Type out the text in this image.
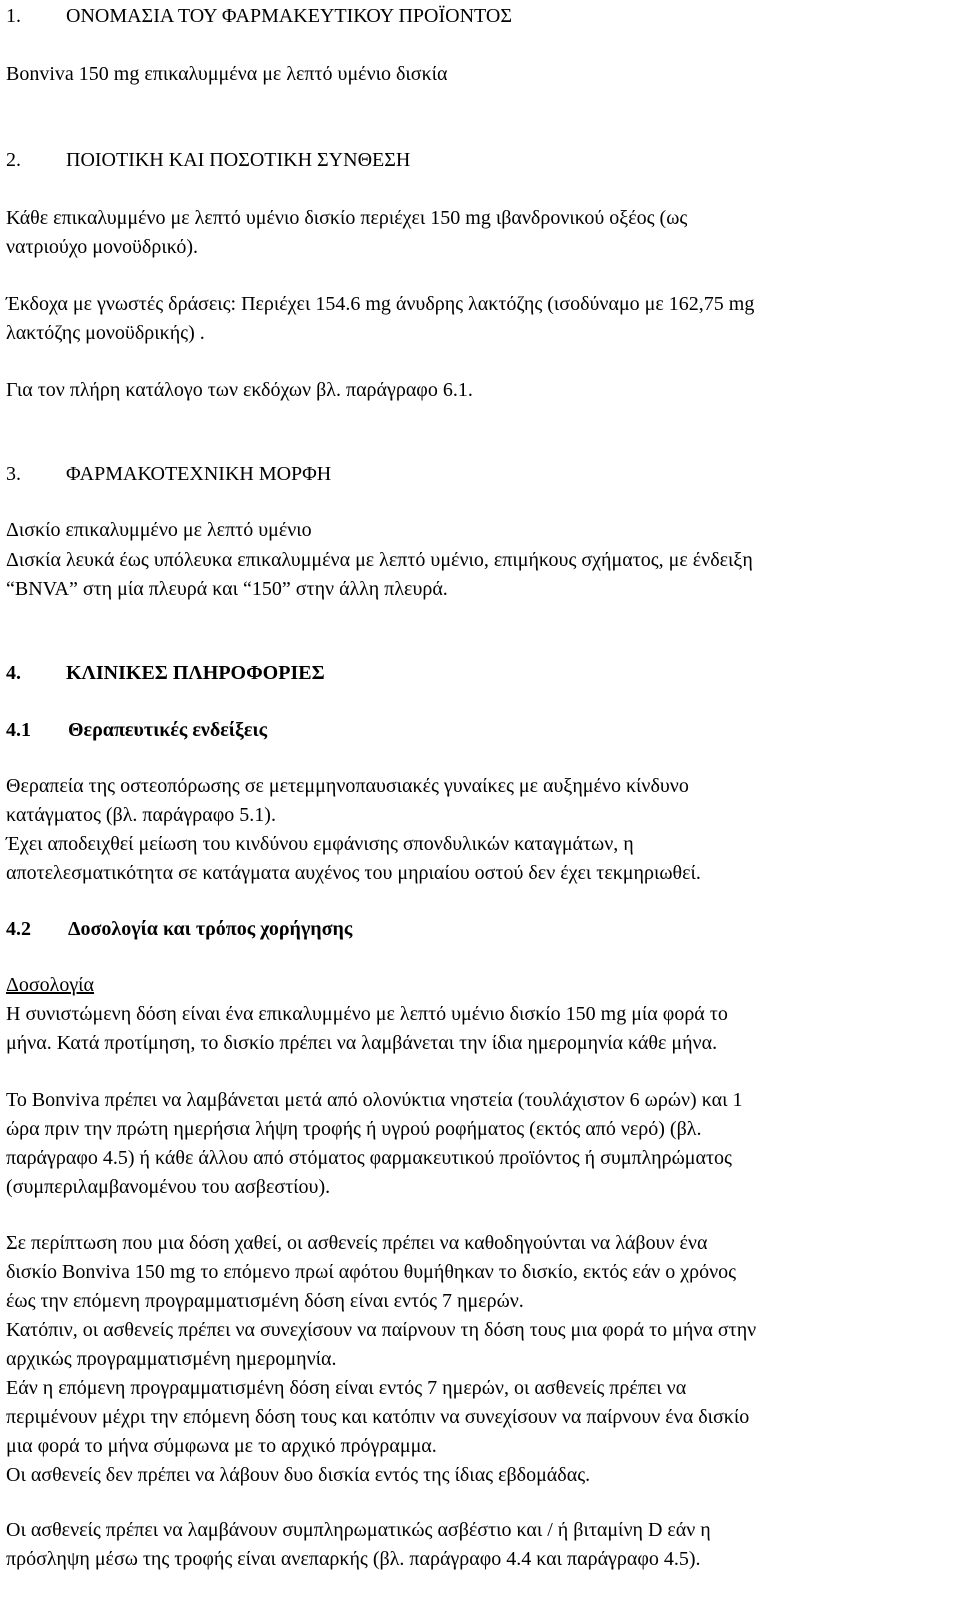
1. ΟΝΟΜΑΣΙΑ ΤΟΥ ΦΑΡΜΑΚΕΥΤΙΚΟΥ ΠΡΟΪΟΝΤΟΣ
Bonviva 150 mg επικαλυμμένα με λεπτό υμένιο δισκία
2. ΠΟΙΟΤΙΚΗ ΚΑΙ ΠΟΣΟΤΙΚΗ ΣΥΝΘΕΣΗ
Κάθε επικαλυμμένο με λεπτό υμένιο δισκίο περιέχει 150 mg ιβανδρονικού οξέος (ως
νατριούχο μονοϋδρικό).
Έκδοχα με γνωστές δράσεις: Περιέχει 154.6 mg άνυδρης λακτόζης (ισοδύναμο με 162,75 mg
λακτόζης μονοϋδρικής) .
Για τον πλήρη κατάλογο των εκδόχων βλ. παράγραφο 6.1.
3. ΦΑΡΜΑΚΟΤΕΧΝΙΚΗ ΜΟΡΦΗ
Δισκίο επικαλυμμένο με λεπτό υμένιο
Δισκία λευκά έως υπόλευκα επικαλυμμένα με λεπτό υμένιο, επιμήκους σχήματος, με ένδειξη
“BNVA” στη μία πλευρά και “150” στην άλλη πλευρά.
4. ΚΛΙΝΙΚΕΣ ΠΛΗΡΟΦΟΡΙΕΣ
4.1 Θεραπευτικές ενδείξεις
Θεραπεία της οστεοπόρωσης σε μετεμμηνοπαυσιακές γυναίκες με αυξημένο κίνδυνο
κατάγματος (βλ. παράγραφο 5.1).
Έχει αποδειχθεί μείωση του κινδύνου εμφάνισης σπονδυλικών καταγμάτων, η
αποτελεσματικότητα σε κατάγματα αυχένος του μηριαίου οστού δεν έχει τεκμηριωθεί.
4.2 Δοσολογία και τρόπος χορήγησης
Δοσολογία
Η συνιστώμενη δόση είναι ένα επικαλυμμένο με λεπτό υμένιο δισκίο 150 mg μία φορά το
μήνα. Κατά προτίμηση, το δισκίο πρέπει να λαμβάνεται την ίδια ημερομηνία κάθε μήνα.
Το Bonviva πρέπει να λαμβάνεται μετά από ολονύκτια νηστεία (τουλάχιστον 6 ωρών) και 1
ώρα πριν την πρώτη ημερήσια λήψη τροφής ή υγρού ροφήματος (εκτός από νερό) (βλ.
παράγραφο 4.5) ή κάθε άλλου από στόματος φαρμακευτικού προϊόντος ή συμπληρώματος
(συμπεριλαμβανομένου του ασβεστίου).
Σε περίπτωση που μια δόση χαθεί, οι ασθενείς πρέπει να καθοδηγούνται να λάβουν ένα
δισκίο Bonviva 150 mg το επόμενο πρωί αφότου θυμήθηκαν το δισκίο, εκτός εάν ο χρόνος
έως την επόμενη προγραμματισμένη δόση είναι εντός 7 ημερών.
Κατόπιν, οι ασθενείς πρέπει να συνεχίσουν να παίρνουν τη δόση τους μια φορά το μήνα στην
αρχικώς προγραμματισμένη ημερομηνία.
Εάν η επόμενη προγραμματισμένη δόση είναι εντός 7 ημερών, οι ασθενείς πρέπει να
περιμένουν μέχρι την επόμενη δόση τους και κατόπιν να συνεχίσουν να παίρνουν ένα δισκίο
μια φορά το μήνα σύμφωνα με το αρχικό πρόγραμμα.
Οι ασθενείς δεν πρέπει να λάβουν δυο δισκία εντός της ίδιας εβδομάδας.
Οι ασθενείς πρέπει να λαμβάνουν συμπληρωματικώς ασβέστιο και / ή βιταμίνη D εάν η
πρόσληψη μέσω της τροφής είναι ανεπαρκής (βλ. παράγραφο 4.4 και παράγραφο 4.5).
